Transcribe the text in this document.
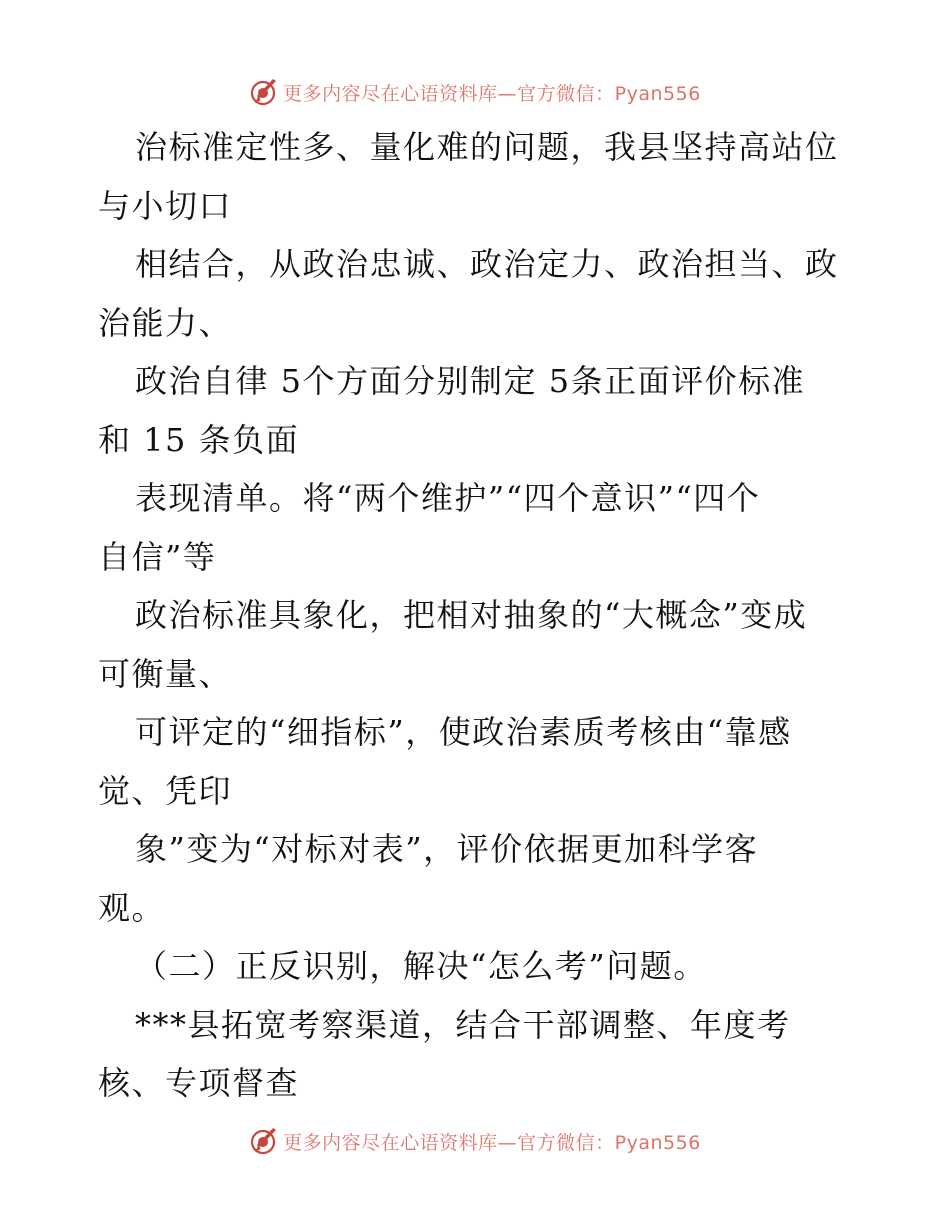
更多内容尽在心语资料库—官方微信：Pyan556
治标准定性多、量化难的问题，我县坚持高站位
与小切口
相结合，从政治忠诚、政治定力、政治担当、政
治能力、
政治自律 5个方面分别制定 5条正面评价标准
和 15 条负面
表现清单。将“两个维护”“四个意识”“四个
自信”等
政治标准具象化，把相对抽象的“大概念”变成
可衡量、
可评定的“细指标”，使政治素质考核由“靠感
觉、凭印
象”变为“对标对表”，评价依据更加科学客
观。
（二）正反识别，解决“怎么考”问题。
***县拓宽考察渠道，结合干部调整、年度考
核、专项督查
更多内容尽在心语资料库—官方微信：Pyan556
